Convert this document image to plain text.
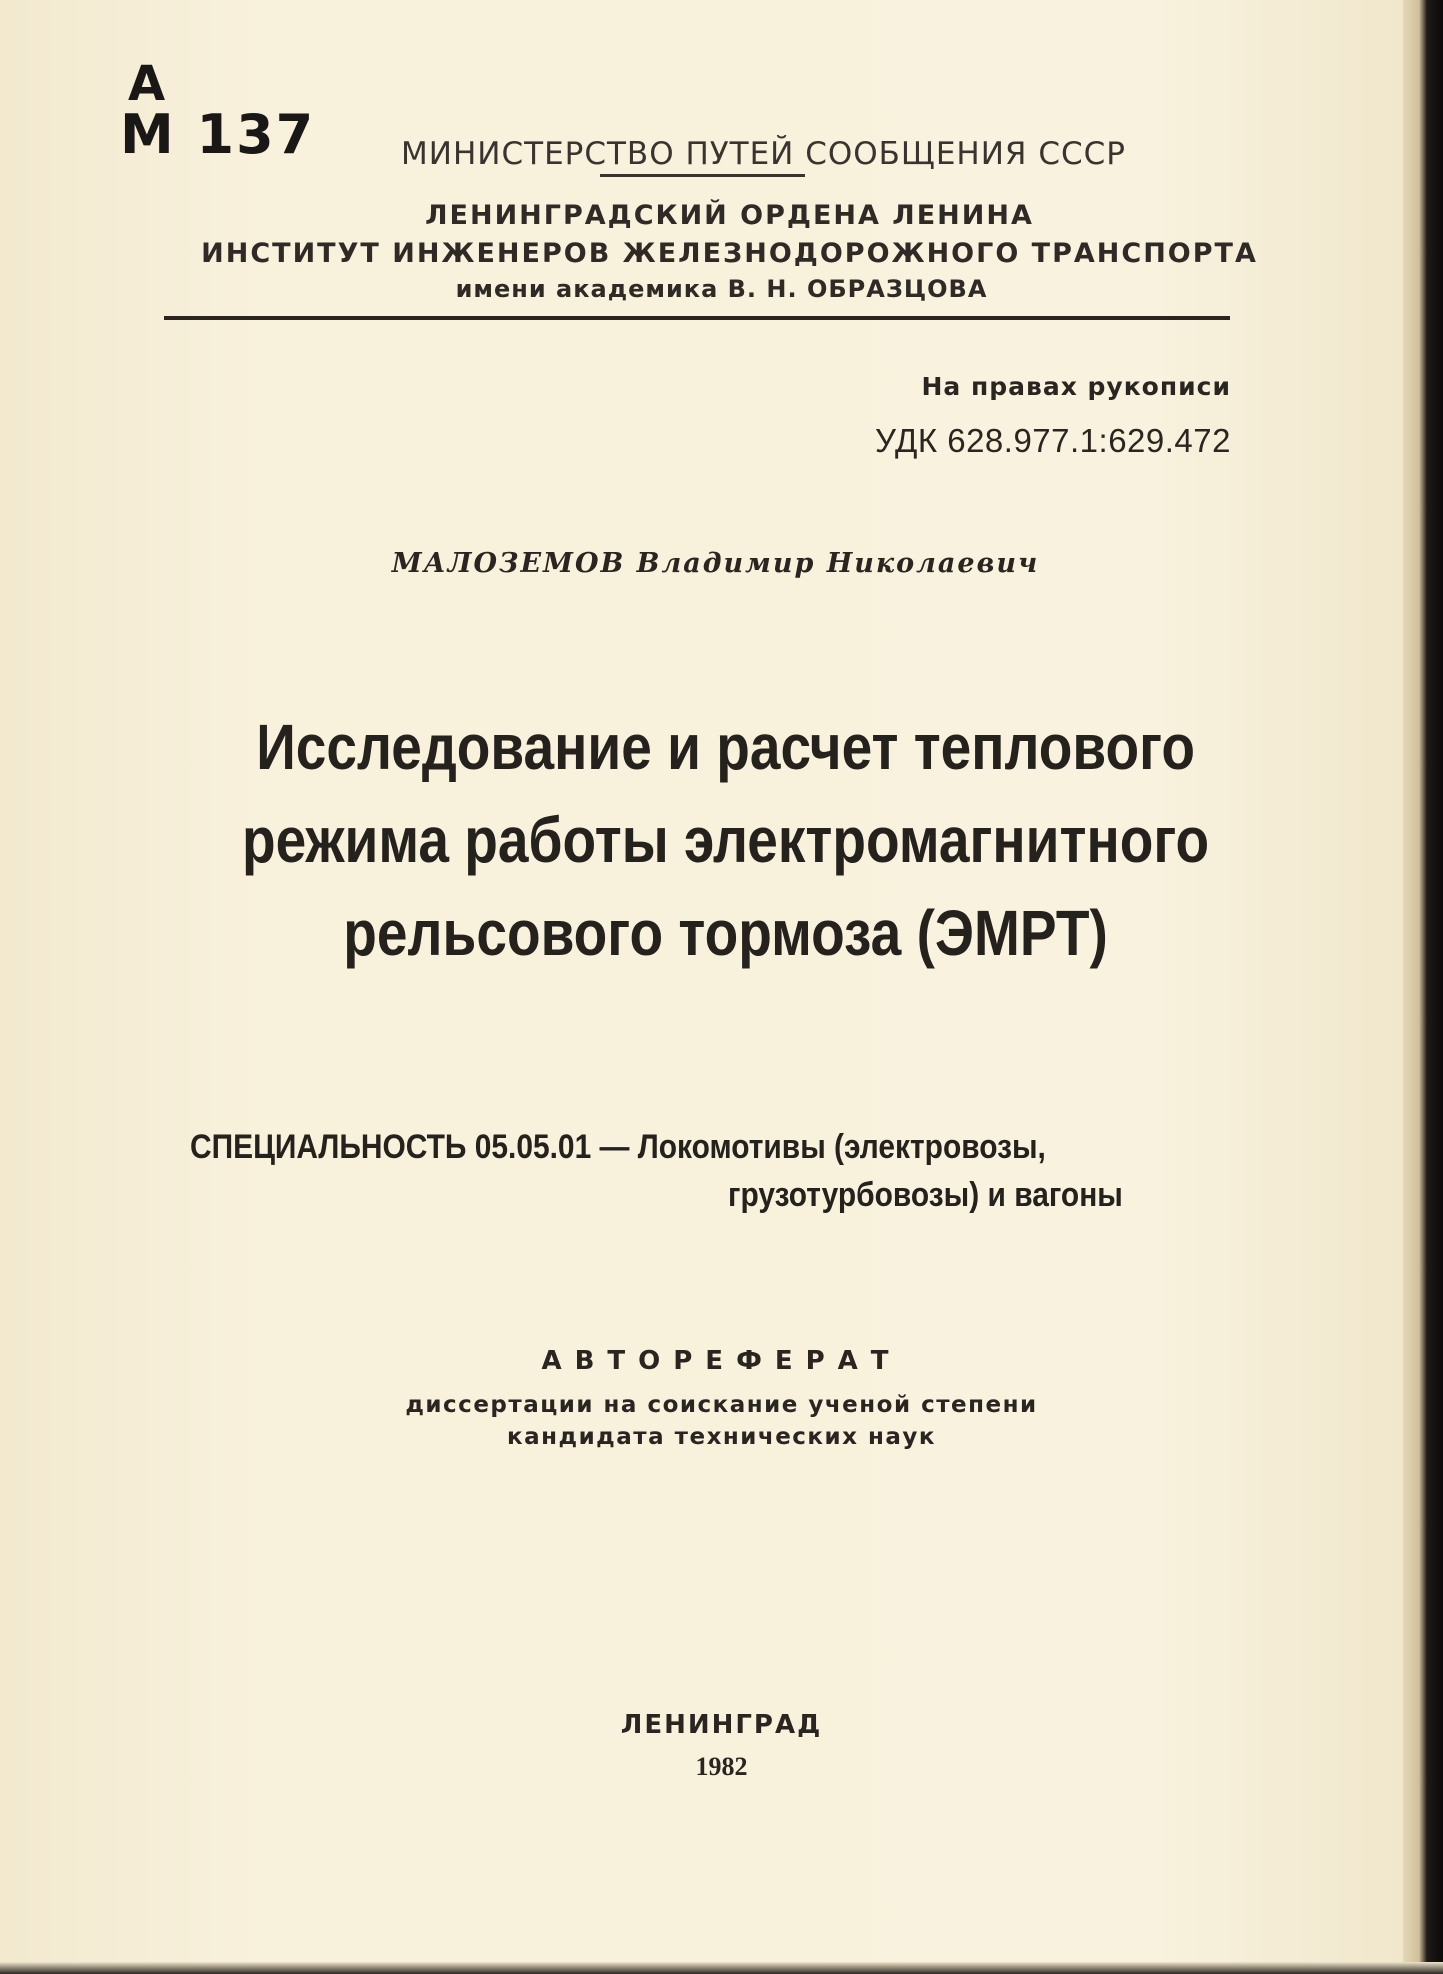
A
M 137	МИНИСТЕРСТВО ПУТЕЙ СООБЩЕНИЯ СССР
ЛЕНИНГРАДСКИЙ ОРДЕНА ЛЕНИНА
ИНСТИТУТ ИНЖЕНЕРОВ ЖЕЛЕЗНОДОРОЖНОГО ТРАНСПОРТА
имени академика В. Н. ОБРАЗЦОВА
На правах рукописи
УДК 628.977.1:629.472
МАЛОЗЕМОВ Владимир Николаевич
Исследование и расчет теплового
режима работы электромагнитного
рельсового тормоза (ЭМРТ)
СПЕЦИАЛЬНОСТЬ 05.05.01 — Локомотивы (электровозы,
грузотурбовозы) и вагоны
АВТОРЕФЕРАТ
диссертации на соискание ученой степени
кандидата технических наук
ЛЕНИНГРАД
1982
